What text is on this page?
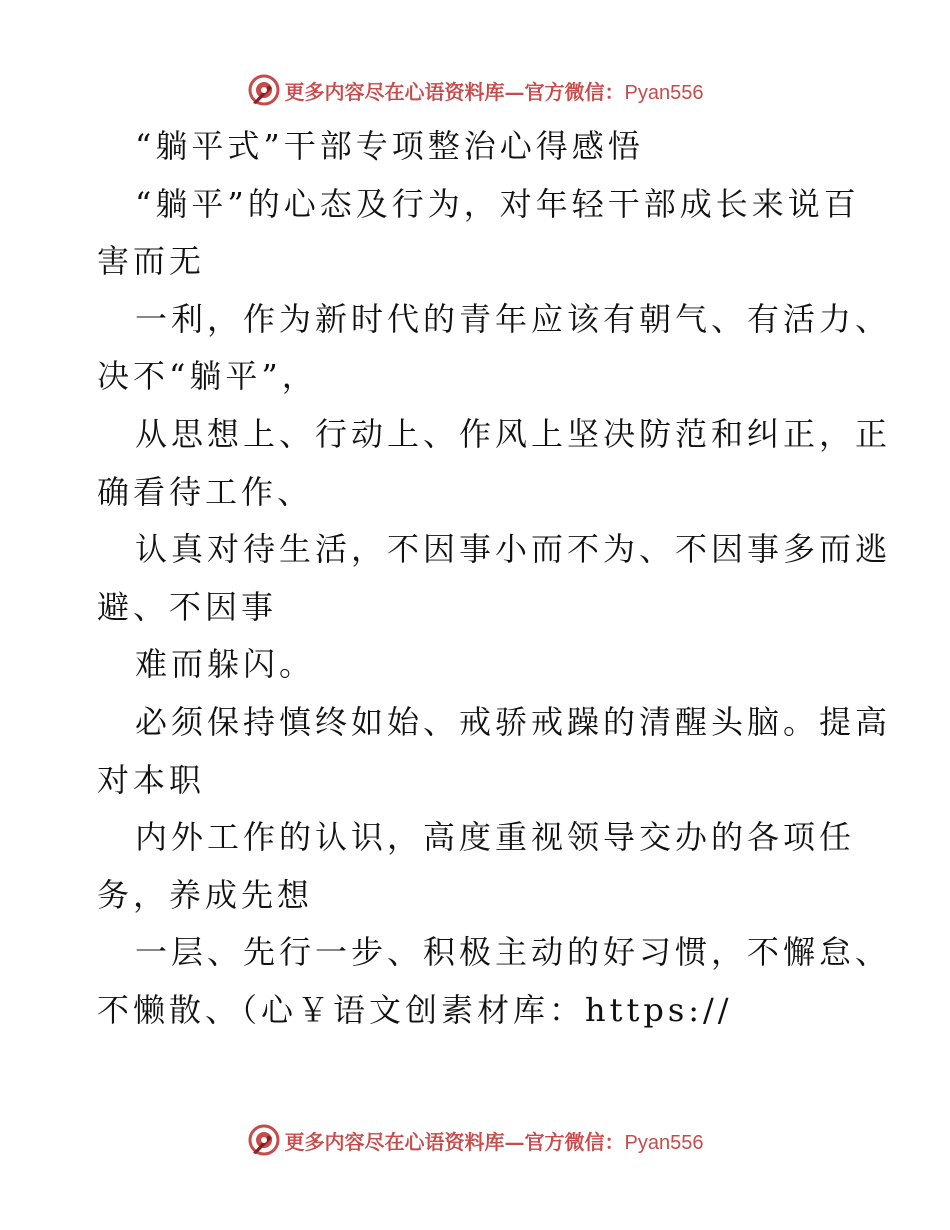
更多内容尽在心语资料库—官方微信：Pyan556
“躺平式”干部专项整治心得感悟
“躺平”的心态及行为，对年轻干部成长来说百
害而无
一利，作为新时代的青年应该有朝气、有活力、
决不“躺平”，
从思想上、行动上、作风上坚决防范和纠正，正
确看待工作、
认真对待生活，不因事小而不为、不因事多而逃
避、不因事
难而躲闪。
必须保持慎终如始、戒骄戒躁的清醒头脑。提高
对本职
内外工作的认识，高度重视领导交办的各项任
务，养成先想
一层、先行一步、积极主动的好习惯，不懈怠、
不懒散、（心￥语文创素材库：https://
更多内容尽在心语资料库—官方微信：Pyan556
